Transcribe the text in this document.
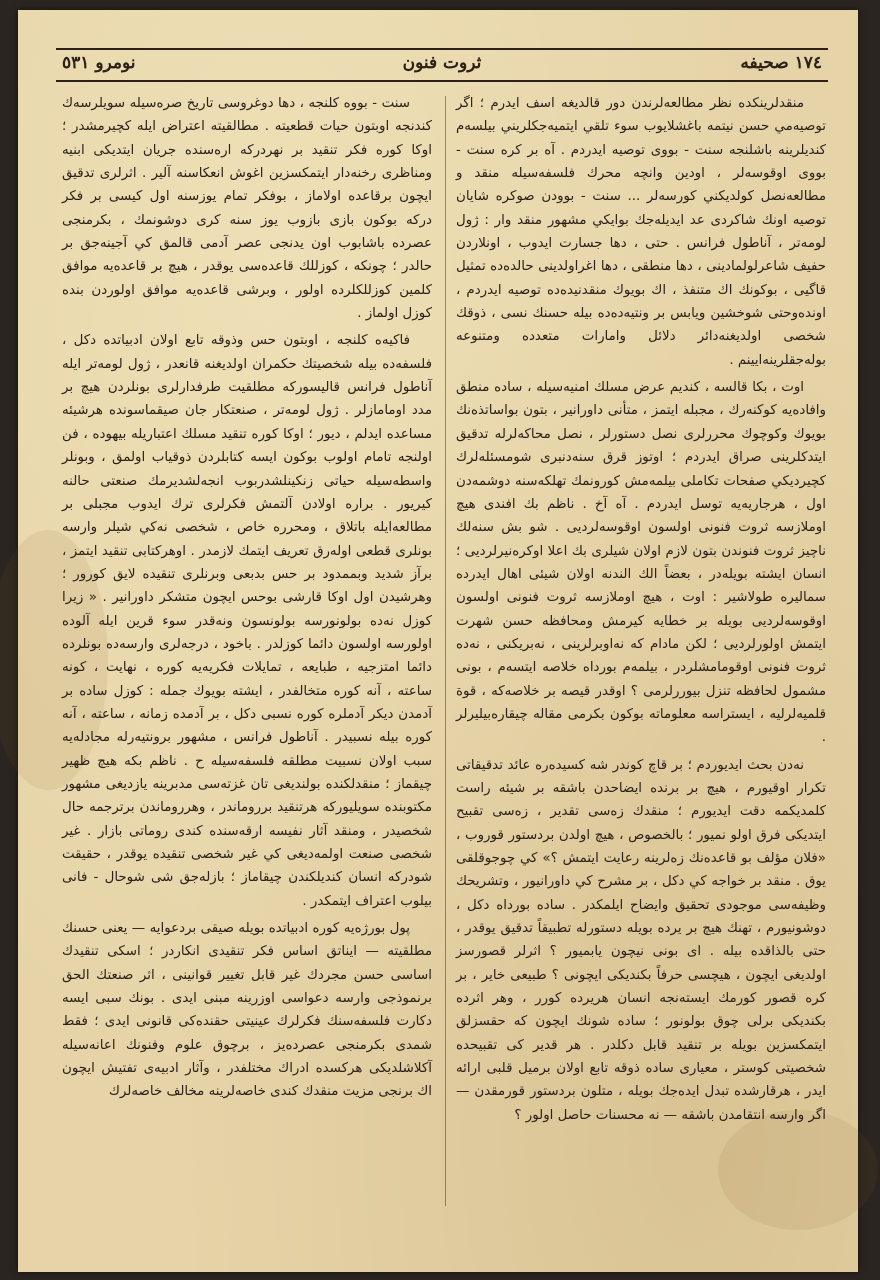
نومرو ٥٣١	ثروت فنون	١٧٤ صحيفه

منقدلرينكده نظر مطالعه‌لرندن دور قالديغه اسف ايدرم ؛ اگر توصيه‌مي حسن نيتمه باغشلايوب سوء تلقي ايتميه‌جكلريني بيلسه‌م كنديلرينه باشلنجه سنت - بووى توصيه ايدردم . آه بر كره سنت - بووى اوقوسه‌لر ، اودين وانچه محرك فلسفه‌سيله منقد و مطالعه‌نصل كولديكني كورسه‌لر ... سنت - بوودن صوكره شايان توصيه اونك شاكردى عد ايديله‌جك بوايكي مشهور منقد وار : ژول لومه‌تر ، آناطول فرانس . حتى ، دها جسارت ايدوب ، اونلاردن حفيف شاعرلولمادينى ، دها منطقى ، دها اغراولدينى حالده‌ده تمثيل قاگيى ، بوكونك اك متنفذ ، اك بويوك منقدنيده‌ده توصيه ايدردم ، اونده‌وحتى شوخشين ويابس بر ونتيه‌ده‌ده بيله حسنك نسى ، ذوقك شخصى اولديغنه‌دائر دلائل وامارات متعدده ومتنوعه بوله‌جقلرينه‌ايينم .

اوت ، بكا قالسه ، كنديم عرض مسلك امنيه‌سيله ، ساده منطق وافاده‌يه كوكنه‌رك ، مجبله ايتمز ، متأنى داورانير ، بتون بواساتذه‌نك بويوك وكوچوك محررلرى نصل دستورلر ، نصل محاكه‌لرله تدقيق ايتدكلرينى صراق ايدردم ؛ اوتوز قرق سنه‌دنبرى شومسئله‌لرك كچيرديكي صفحات تكاملى بيلمه‌مش كورونمك تهلكه‌سنه دوشمه‌دن اول ، هرجاريه‌يه توسل ايدردم . آه آخ . ناظم بك افندى هيچ اوملازسه ثروت فنونى اولسون اوقوسه‌لرديى . شو بش سنه‌لك ناچيز ثروت فنوندن بتون لازم اولان شيلرى بك اعلا اوكره‌نيرلرديى ؛ انسان ايشته بويله‌در ، بعضاً الك الندنه اولان شيئى اهال ايدرده سماليره طولاشير : اوت ، هيچ اوملازسه ثروت فنونى اولسون اوقوسه‌لرديى بويله بر خطايه كيرمش ومحافظه حسن شهرت ايتمش اولورلرديى ؛ لكن مادام كه نه‌اوبرلرينى ، نه‌بريكنى ، نه‌ده ثروت فنونى اوقومامشلردر ، بيلمه‌م بورداه خلاصه ايتسه‌م ، بونى مشمول لحافظه تنزل بيوررلرمى ؟ اوقدر قيصه بر خلاصه‌كه ، قوة قلميه‌لرليه ، ايستراسه معلوماته بوكون بكرمى مقاله چيقاره‌بيليرلر .

نه‌دن بحث ايديوردم ؛ بر قاچ كوندر شه كسيده‌ره عائد تدقيقاتى تكرار اوقيورم ، هيچ بر برنده ايضاحدن باشقه بر شيئه راست كلمديكمه دقت ايديورم ؛ منقدك زه‌سى تقدير ، زه‌سى تقبيح ايتديكى فرق اولو نميور ؛ بالخصوص ، هيچ اولدن بردستور قوروب ، «فلان مؤلف بو قاعده‌نك زه‌لرينه رعايت ايتمش ؟» كي چوجوقلقى يوق . منقد بر خواجه كي دكل ، بر مشرح كي داورانيور ، وتشريحك وظيفه‌سى موجودى تحقيق وايضاح ايلمكدر . ساده بورداه دكل ، دوشونيورم ، تهنك هيچ بر يرده بويله دستورله تطبيقاً تدقيق يوقدر ، حتى بالذاقده بيله . اى بونى نيچون يابميور ؟ اثرلر قصورسز اولديغى ايچون ، هيچسى حرفاً بكنديكى ايچونى ؟ طبيعى خاير ، بر كره قصور كورمك ايسته‌نجه انسان هريرده كورر ، وهر اثرده بكنديكى برلى چوق بولونور ؛ ساده شونك ايچون كه حقسزلق ايتمكسزين بويله بر تنقيد قابل دكلدر . هر قدير كى تقبيحده شخصيتى كوستر ، معيارى ساده ذوقه تابع اولان برميل قلبى ارائه ايدر ، هرقارشده تبدل ايده‌جك بويله ، متلون بردستور قورمقدن — اگر وارسه انتقامدن باشقه — نه محسنات حاصل اولور ؟

سنت - بووه كلنجه ، دها دوغروسى تاريخ صره‌سيله سويلرسه‌ك كندنجه اوبتون حيات قطعيته . مطالقيته اعتراض ايله كچيرمشدر ؛ اوكا كوره فكر تنقيد بر نهردركه اره‌سنده جريان ايتديكى ابنيه ومناظرى رخنه‌دار ايتمكسزين اغوش انعكاسنه آلير . اثرلرى تدقيق ايچون برقاعده اولاماز ، بوفكر تمام يوزسنه اول كيسى بر فكر دركه بوكون بازى بازوب يوز سنه كرى دوشونمك ، بكرمنجى عصرده باشابوب اون يدنجى عصر آدمى قالمق كي آجينه‌جق بر حالدر ؛ چونكه ، كوزللك قاعده‌سى يوقدر ، هيچ بر قاعده‌يه موافق كلمين كوزللكلرده اولور ، وبرشى قاعده‌يه موافق اولوردن بنده كوزل اولماز .

فاكيه‌ه كلنجه ، اوبتون حس وذوقه تابع اولان ادبياتده دكل ، فلسفه‌ده بيله شخصيتك حكمران اولديغنه قانعدر ، ژول لومه‌تر ايله آناطول فرانس قاليسوركه مطلقيت طرفدارلرى بونلردن هيچ بر مدد اومامازلر . ژول لومه‌تر ، صنعتكار جان صيقماسونده هرشيئه مساعده ايدلم ، ديور ؛ اوكا كوره تنقيد مسلك اعتباريله بيهوده ، فن اولنجه تامام اولوب بوكون ايسه كتابلردن ذوقياب اولمق ، وبونلر واسطه‌سيله حياتى زنكينلشدربوب انجه‌لشديرمك صنعتى حالنه كيريور . براره اولادن آلتمش فكرلرى ترك ايدوب مجبلى بر مطالعه‌ايله باتلاق ، ومحرره خاص ، شخصى نه‌كي شيلر وارسه بونلرى قطعى اوله‌رق تعريف ايتمك لازمدر . اوهركتابى تنقيد ايتمز ، برآز شديد وبممدود بر حس بدبعى وبرنلرى تنقيده لايق كورور ؛ وهرشيدن اول اوكا قارشى بوحس ايچون متشكر داورانير . « زيرا كوزل نه‌ده بولونورسه بولونسون ونه‌قدر سوء قرين ايله آلوده اولورسه اولسون دائما كوزلدر . باخود ، درجه‌لرى وارسه‌ده بونلرده دائما امتزجيه ، طبايعه ، تمايلات فكريه‌يه كوره ، نهايت ، كونه ساعته ، آنه كوره متخالفدر ، ايشته بويوك جمله : كوزل ساده بر آدمدن ديكر آدملره كوره نسبى دكل ، بر آدمده زمانه ، ساعته ، آنه كوره بيله نسبيدر . آناطول فرانس ، مشهور برونتيه‌رله مجادله‌يه سبب اولان نسبيت مطلقه فلسفه‌سيله ح . ناظم بكه هيچ ظهير چيقماز ؛ منقدلكنده بولنديغى تان غزته‌سى مدبرينه يازديغى مشهور مكتوبنده سويليوركه هرتنقيد برروماندر ، وهرروماندن برترجمه حال شخصيدر ، ومنقد آثار نفيسه ارقه‌سنده كندى روماتى بازار . غير شخصى صنعت اولمه‌ديغى كي غير شخصى تنقيده يوقدر ، حقيقت شودركه انسان كنديلكندن چيقاماز ؛ بازله‌جق شى شوحال - فانى بيلوب اعتراف ايتمكدر .

پول بورژه‌يه كوره ادبياتده بويله صيقى بردعوايه — يعنى حسنك مطلقيته — ايناتق اساس فكر تنقيدى انكاردر ؛ اسكى تنقيدك اساسى حسن مجردك غير قابل تغيير قوانينى ، اثر صنعتك الحق برنموذجى وارسه دعواسى اوزرينه مبنى ايدى . بونك سبى ايسه دكارت فلسفه‌سنك فكرلرك عينيتى حقنده‌كى قانونى ايدى ؛ فقط شمدى بكرمنجى عصرده‌يز ، برچوق علوم وفنونك اعانه‌سيله آكلاشلديكى هركسده ادراك مختلفدر ، وآثار ادبيه‌ى تفتيش ايچون اك برنجى مزيت منقدك كندى خاصه‌لرينه مخالف خاصه‌لرك
